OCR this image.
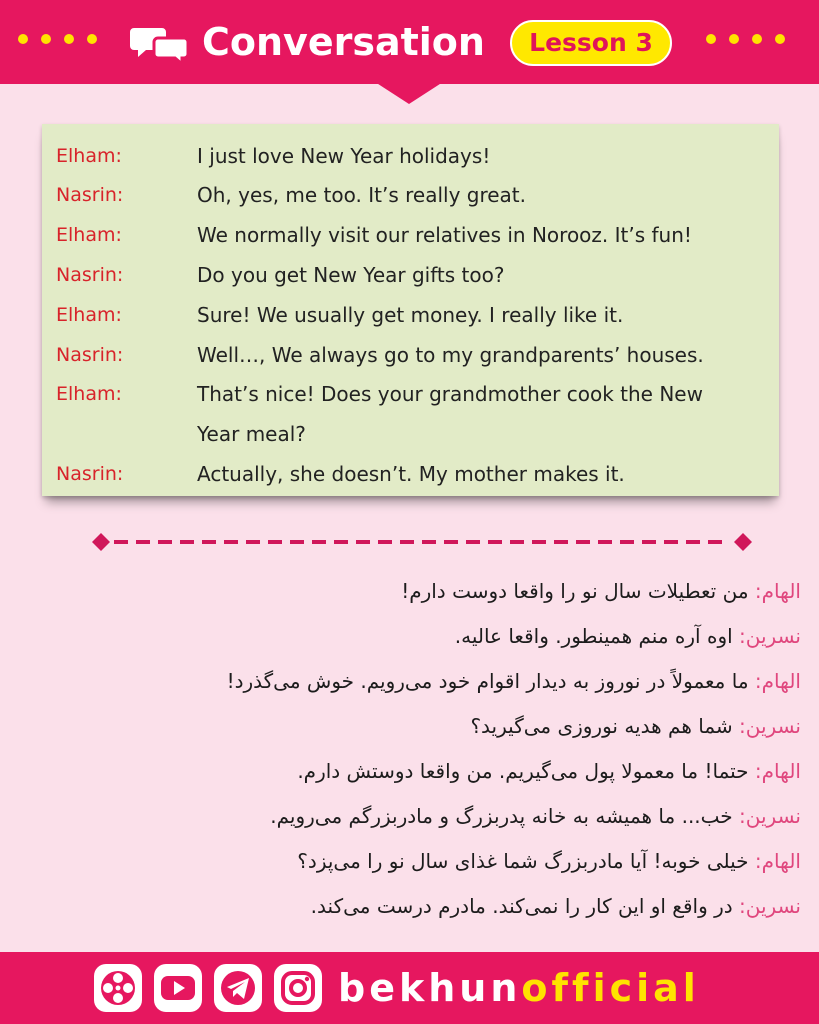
Conversation	Lesson 3
Elham:	I just love New Year holidays!
Nasrin:	Oh, yes, me too. It’s really great.
Elham:	We normally visit our relatives in Norooz. It’s fun!
Nasrin:	Do you get New Year gifts too?
Elham:	Sure! We usually get money. I really like it.
Nasrin:	Well…, We always go to my grandparents’ houses.
Elham:	That’s nice! Does your grandmother cook the New
Year meal?
Nasrin:	Actually, she doesn’t. My mother makes it.
الهام: من تعطیلات سال نو را واقعا دوست دارم!
نسرین: اوه آره منم همینطور. واقعا عالیه.
الهام: ما معمولاً در نوروز به دیدار اقوام خود می‌رویم. خوش می‌گذرد!
نسرین: شما هم هدیه نوروزی می‌گیرید؟
الهام: حتما! ما معمولا پول می‌گیریم. من واقعا دوستش دارم.
نسرین: خب... ما همیشه به خانه پدربزرگ و مادربزرگم می‌رویم.
الهام: خیلی خوبه! آیا مادربزرگ شما غذای سال نو را می‌پزد؟
نسرین: در واقع او این کار را نمی‌کند. مادرم درست می‌کند.
bekhunofficial
